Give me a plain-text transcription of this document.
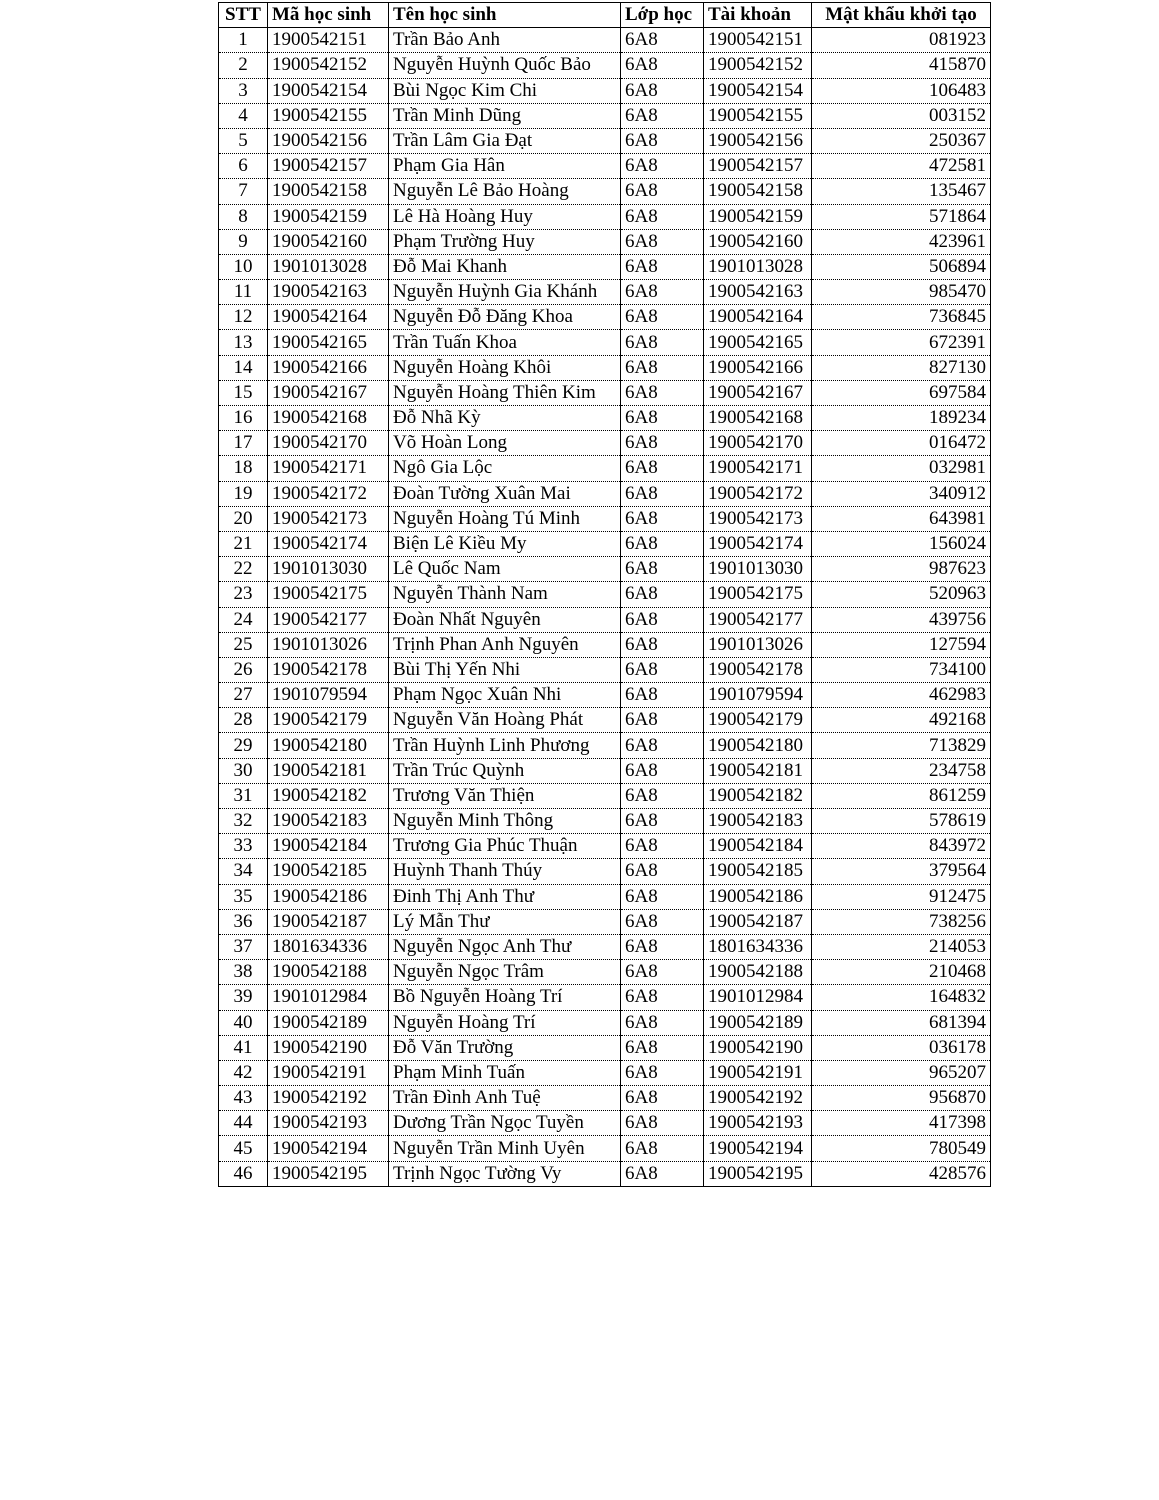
STT	Mã học sinh	Tên học sinh	Lớp học	Tài khoản	Mật khẩu khởi tạo
1	1900542151	Trần Bảo Anh	6A8	1900542151	081923
2	1900542152	Nguyễn Huỳnh Quốc Bảo	6A8	1900542152	415870
3	1900542154	Bùi Ngọc Kim Chi	6A8	1900542154	106483
4	1900542155	Trần Minh Dũng	6A8	1900542155	003152
5	1900542156	Trần Lâm Gia Đạt	6A8	1900542156	250367
6	1900542157	Phạm Gia Hân	6A8	1900542157	472581
7	1900542158	Nguyễn Lê Bảo Hoàng	6A8	1900542158	135467
8	1900542159	Lê Hà Hoàng Huy	6A8	1900542159	571864
9	1900542160	Phạm Trường Huy	6A8	1900542160	423961
10	1901013028	Đỗ Mai Khanh	6A8	1901013028	506894
11	1900542163	Nguyễn Huỳnh Gia Khánh	6A8	1900542163	985470
12	1900542164	Nguyễn Đỗ Đăng Khoa	6A8	1900542164	736845
13	1900542165	Trần Tuấn Khoa	6A8	1900542165	672391
14	1900542166	Nguyễn Hoàng Khôi	6A8	1900542166	827130
15	1900542167	Nguyễn Hoàng Thiên Kim	6A8	1900542167	697584
16	1900542168	Đỗ Nhã Kỳ	6A8	1900542168	189234
17	1900542170	Võ Hoàn Long	6A8	1900542170	016472
18	1900542171	Ngô Gia Lộc	6A8	1900542171	032981
19	1900542172	Đoàn Tường Xuân Mai	6A8	1900542172	340912
20	1900542173	Nguyễn Hoàng Tú Minh	6A8	1900542173	643981
21	1900542174	Biện Lê Kiều My	6A8	1900542174	156024
22	1901013030	Lê Quốc Nam	6A8	1901013030	987623
23	1900542175	Nguyễn Thành Nam	6A8	1900542175	520963
24	1900542177	Đoàn Nhất Nguyên	6A8	1900542177	439756
25	1901013026	Trịnh Phan Anh Nguyên	6A8	1901013026	127594
26	1900542178	Bùi Thị Yến Nhi	6A8	1900542178	734100
27	1901079594	Phạm Ngọc Xuân Nhi	6A8	1901079594	462983
28	1900542179	Nguyễn Văn Hoàng Phát	6A8	1900542179	492168
29	1900542180	Trần Huỳnh Linh Phương	6A8	1900542180	713829
30	1900542181	Trần Trúc Quỳnh	6A8	1900542181	234758
31	1900542182	Trương Văn Thiện	6A8	1900542182	861259
32	1900542183	Nguyễn Minh Thông	6A8	1900542183	578619
33	1900542184	Trương Gia Phúc Thuận	6A8	1900542184	843972
34	1900542185	Huỳnh Thanh Thúy	6A8	1900542185	379564
35	1900542186	Đinh Thị Anh Thư	6A8	1900542186	912475
36	1900542187	Lý Mẫn Thư	6A8	1900542187	738256
37	1801634336	Nguyễn Ngọc Anh Thư	6A8	1801634336	214053
38	1900542188	Nguyễn Ngọc Trâm	6A8	1900542188	210468
39	1901012984	Bồ Nguyễn Hoàng Trí	6A8	1901012984	164832
40	1900542189	Nguyễn Hoàng Trí	6A8	1900542189	681394
41	1900542190	Đỗ Văn Trường	6A8	1900542190	036178
42	1900542191	Phạm Minh Tuấn	6A8	1900542191	965207
43	1900542192	Trần Đình Anh Tuệ	6A8	1900542192	956870
44	1900542193	Dương Trần Ngọc Tuyền	6A8	1900542193	417398
45	1900542194	Nguyễn Trần Minh Uyên	6A8	1900542194	780549
46	1900542195	Trịnh Ngọc Tường Vy	6A8	1900542195	428576
